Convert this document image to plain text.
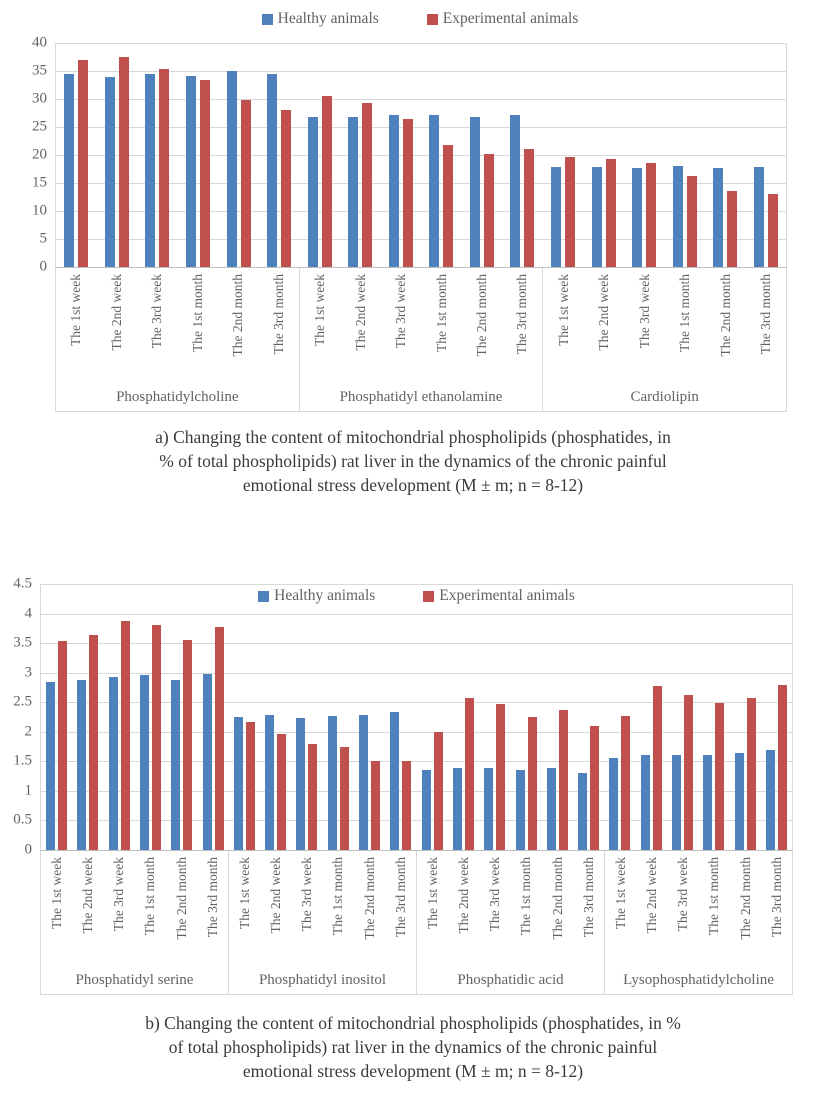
Healthy animals	Experimental animals
0
5
10
15
20
25
30
35
40
The 1st week The 2nd week The 3rd week The 1st month The 2nd month The 3rd month
Phosphatidylcholine
The 1st week The 2nd week The 3rd week The 1st month The 2nd month The 3rd month
Phosphatidyl ethanolamine
The 1st week The 2nd week The 3rd week The 1st month The 2nd month The 3rd month
Cardiolipin
a) Changing the content of mitochondrial phospholipids (phosphatides, in
% of total phospholipids) rat liver in the dynamics of the chronic painful
emotional stress development (M ± m; n = 8-12)
0
0.5
1
1.5
2
2.5
3
3.5
4
4.5
The 1st week The 2nd week The 3rd week The 1st month The 2nd month The 3rd month
Phosphatidyl serine
The 1st week The 2nd week The 3rd week The 1st month The 2nd month The 3rd month
Phosphatidyl inositol
The 1st week The 2nd week The 3rd week The 1st month The 2nd month The 3rd month
Phosphatidic acid
The 1st week The 2nd week The 3rd week The 1st month The 2nd month The 3rd month
Lysophosphatidylcholine
Healthy animals	Experimental animals
b) Changing the content of mitochondrial phospholipids (phosphatides, in %
of total phospholipids) rat liver in the dynamics of the chronic painful
emotional stress development (M ± m; n = 8-12)
